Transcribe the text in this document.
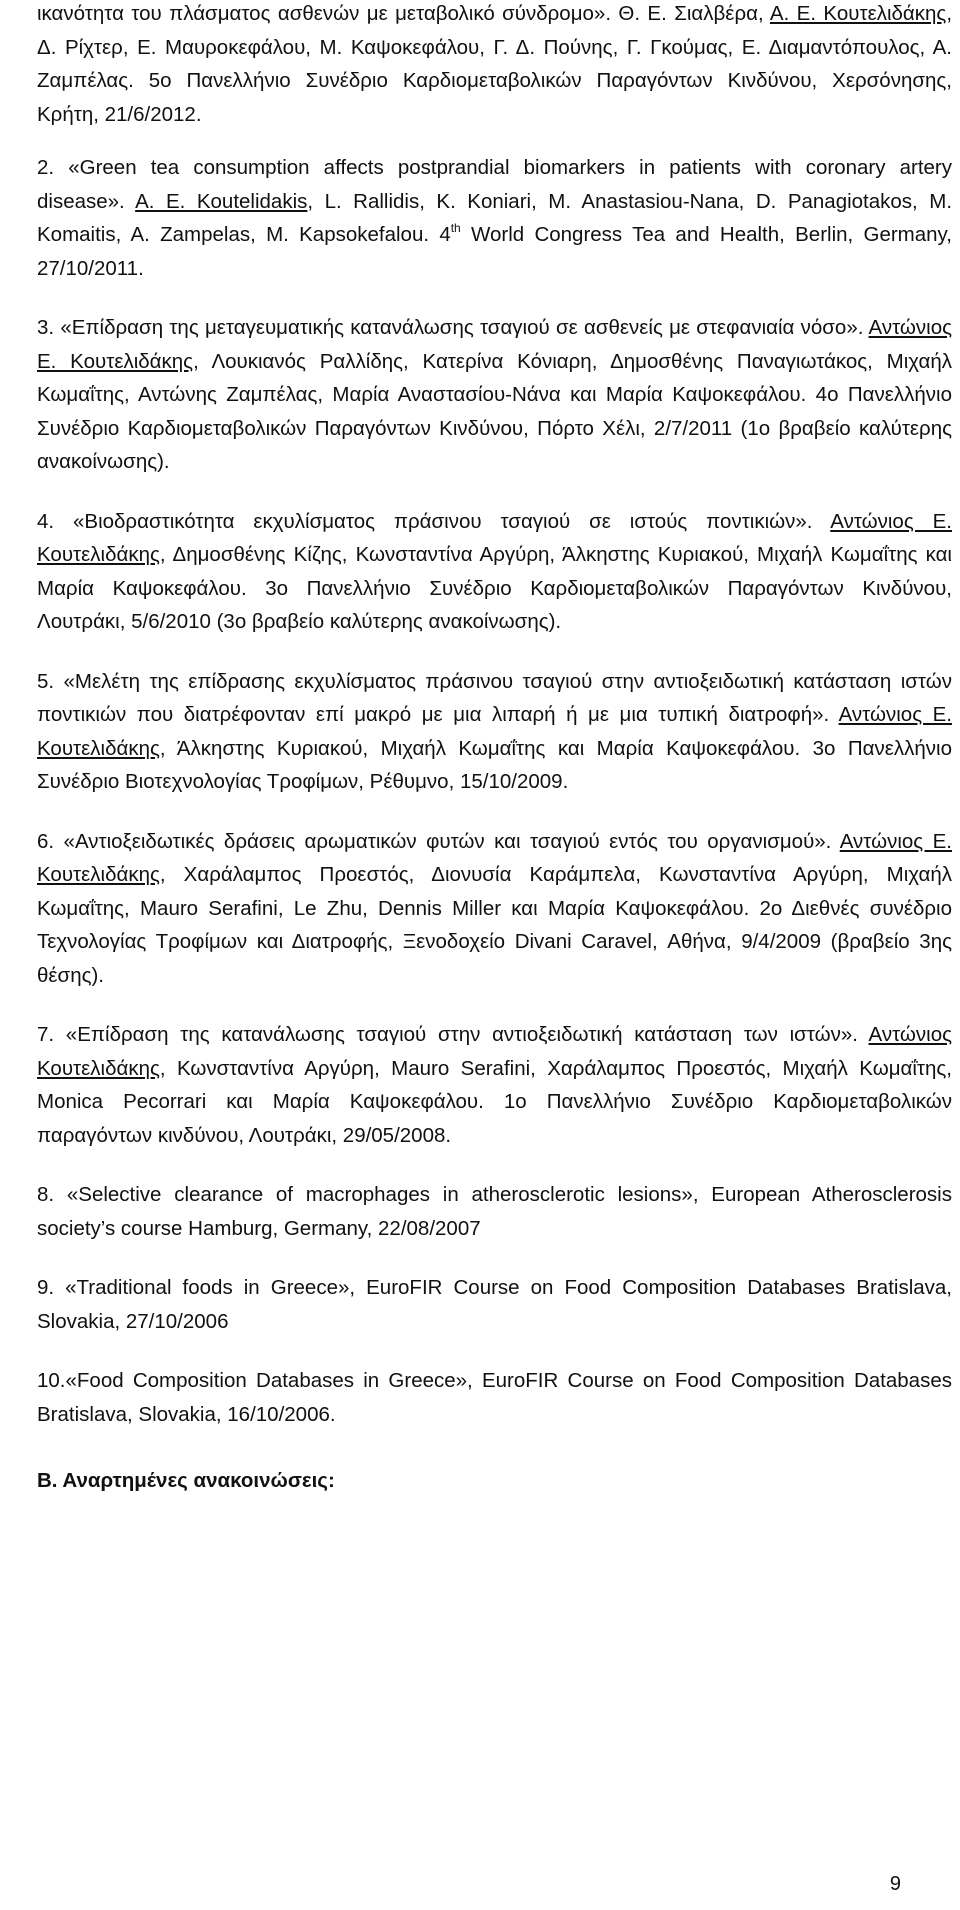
ικανότητα του πλάσματος ασθενών με μεταβολικό σύνδρομο». Θ. Ε. Σιαλβέρα, Α. Ε. Κουτελιδάκης, Δ. Ρίχτερ, Ε. Μαυροκεφάλου, Μ. Καψοκεφάλου, Γ. Δ. Πούνης, Γ. Γκούμας, Ε. Διαμαντόπουλος, Α. Ζαμπέλας. 5ο Πανελλήνιο Συνέδριο Καρδιομεταβολικών Παραγόντων Κινδύνου, Χερσόνησης, Κρήτη, 21/6/2012.

2. «Green tea consumption affects postprandial biomarkers in patients with coronary artery disease». A. E. Koutelidakis, L. Rallidis, K. Koniari, M. Anastasiou-Nana, D. Panagiotakos, M. Komaitis, A. Zampelas, M. Kapsokefalou. 4th World Congress Tea and Health, Berlin, Germany, 27/10/2011.

3. «Επίδραση της μεταγευματικής κατανάλωσης τσαγιού σε ασθενείς με στεφανιαία νόσο». Αντώνιος Ε. Κουτελιδάκης, Λουκιανός Ραλλίδης, Κατερίνα Κόνιαρη, Δημοσθένης Παναγιωτάκος, Μιχαήλ Κωμαΐτης, Αντώνης Ζαμπέλας, Μαρία Αναστασίου-Νάνα και Μαρία Καψοκεφάλου. 4ο Πανελλήνιο Συνέδριο Καρδιομεταβολικών Παραγόντων Κινδύνου, Πόρτο Χέλι, 2/7/2011 (1ο βραβείο καλύτερης ανακοίνωσης).

4. «Βιοδραστικότητα εκχυλίσματος πράσινου τσαγιού σε ιστούς ποντικιών». Αντώνιος Ε. Κουτελιδάκης, Δημοσθένης Κίζης, Κωνσταντίνα Αργύρη, Άλκηστης Κυριακού, Μιχαήλ Κωμαΐτης και Μαρία Καψοκεφάλου. 3ο Πανελλήνιο Συνέδριο Καρδιομεταβολικών Παραγόντων Κινδύνου, Λουτράκι, 5/6/2010 (3ο βραβείο καλύτερης ανακοίνωσης).

5. «Μελέτη της επίδρασης εκχυλίσματος πράσινου τσαγιού στην αντιοξειδωτική κατάσταση ιστών ποντικιών που διατρέφονταν επί μακρό με μια λιπαρή ή με μια τυπική διατροφή». Αντώνιος Ε. Κουτελιδάκης, Άλκηστης Κυριακού, Μιχαήλ Κωμαΐτης και Μαρία Καψοκεφάλου. 3ο Πανελλήνιο Συνέδριο Βιοτεχνολογίας Τροφίμων, Ρέθυμνο, 15/10/2009.

6. «Αντιοξειδωτικές δράσεις αρωματικών φυτών και τσαγιού εντός του οργανισμού». Αντώνιος Ε. Κουτελιδάκης, Χαράλαμπος Προεστός, Διονυσία Καράμπελα, Κωνσταντίνα Αργύρη, Μιχαήλ Κωμαΐτης, Mauro Serafini, Le Zhu, Dennis Miller και Μαρία Καψοκεφάλου. 2ο Διεθνές συνέδριο Τεχνολογίας Τροφίμων και Διατροφής, Ξενοδοχείο Divani Caravel, Αθήνα, 9/4/2009 (βραβείο 3ης θέσης).

7. «Επίδραση της κατανάλωσης τσαγιού στην αντιοξειδωτική κατάσταση των ιστών». Αντώνιος Κουτελιδάκης, Κωνσταντίνα Αργύρη, Mauro Serafini, Χαράλαμπος Προεστός, Μιχαήλ Κωμαΐτης, Monica Pecorrari και Μαρία Καψοκεφάλου. 1ο Πανελλήνιο Συνέδριο Καρδιομεταβολικών παραγόντων κινδύνου, Λουτράκι, 29/05/2008.

8. «Selective clearance of macrophages in atherosclerotic lesions», European Atherosclerosis society’s course Hamburg, Germany, 22/08/2007

9. «Traditional foods in Greece», EuroFIR Course on Food Composition Databases Bratislava, Slovakia, 27/10/2006

10.«Food Composition Databases in Greece», EuroFIR Course on Food Composition Databases Bratislava, Slovakia, 16/10/2006.

Β. Αναρτημένες ανακοινώσεις:

9
